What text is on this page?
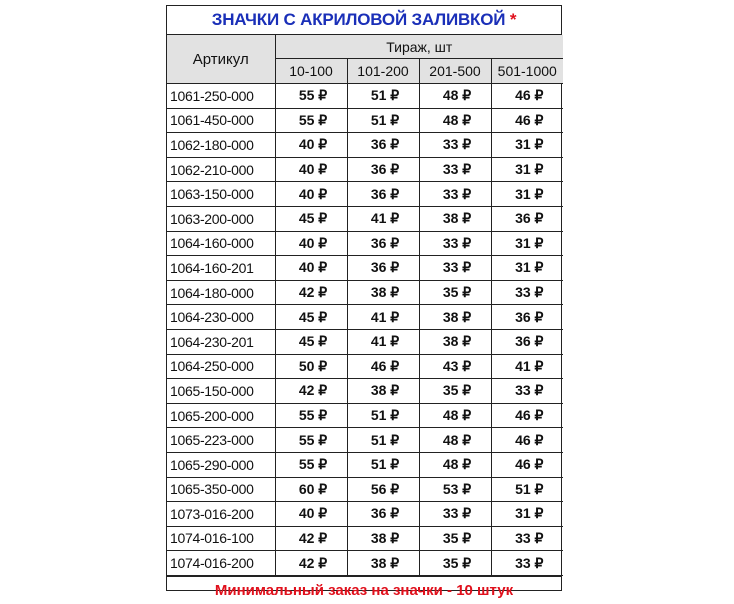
ЗНАЧКИ С АКРИЛОВОЙ ЗАЛИВКОЙ *
Артикул	Тираж, шт			
	10-100	101-200	201-500	501-1000
1061-250-000	55 ₽	51 ₽	48 ₽	46 ₽
1061-450-000	55 ₽	51 ₽	48 ₽	46 ₽
1062-180-000	40 ₽	36 ₽	33 ₽	31 ₽
1062-210-000	40 ₽	36 ₽	33 ₽	31 ₽
1063-150-000	40 ₽	36 ₽	33 ₽	31 ₽
1063-200-000	45 ₽	41 ₽	38 ₽	36 ₽
1064-160-000	40 ₽	36 ₽	33 ₽	31 ₽
1064-160-201	40 ₽	36 ₽	33 ₽	31 ₽
1064-180-000	42 ₽	38 ₽	35 ₽	33 ₽
1064-230-000	45 ₽	41 ₽	38 ₽	36 ₽
1064-230-201	45 ₽	41 ₽	38 ₽	36 ₽
1064-250-000	50 ₽	46 ₽	43 ₽	41 ₽
1065-150-000	42 ₽	38 ₽	35 ₽	33 ₽
1065-200-000	55 ₽	51 ₽	48 ₽	46 ₽
1065-223-000	55 ₽	51 ₽	48 ₽	46 ₽
1065-290-000	55 ₽	51 ₽	48 ₽	46 ₽
1065-350-000	60 ₽	56 ₽	53 ₽	51 ₽
1073-016-200	40 ₽	36 ₽	33 ₽	31 ₽
1074-016-100	42 ₽	38 ₽	35 ₽	33 ₽
1074-016-200	42 ₽	38 ₽	35 ₽	33 ₽
Минимальный заказ на значки - 10 штук
